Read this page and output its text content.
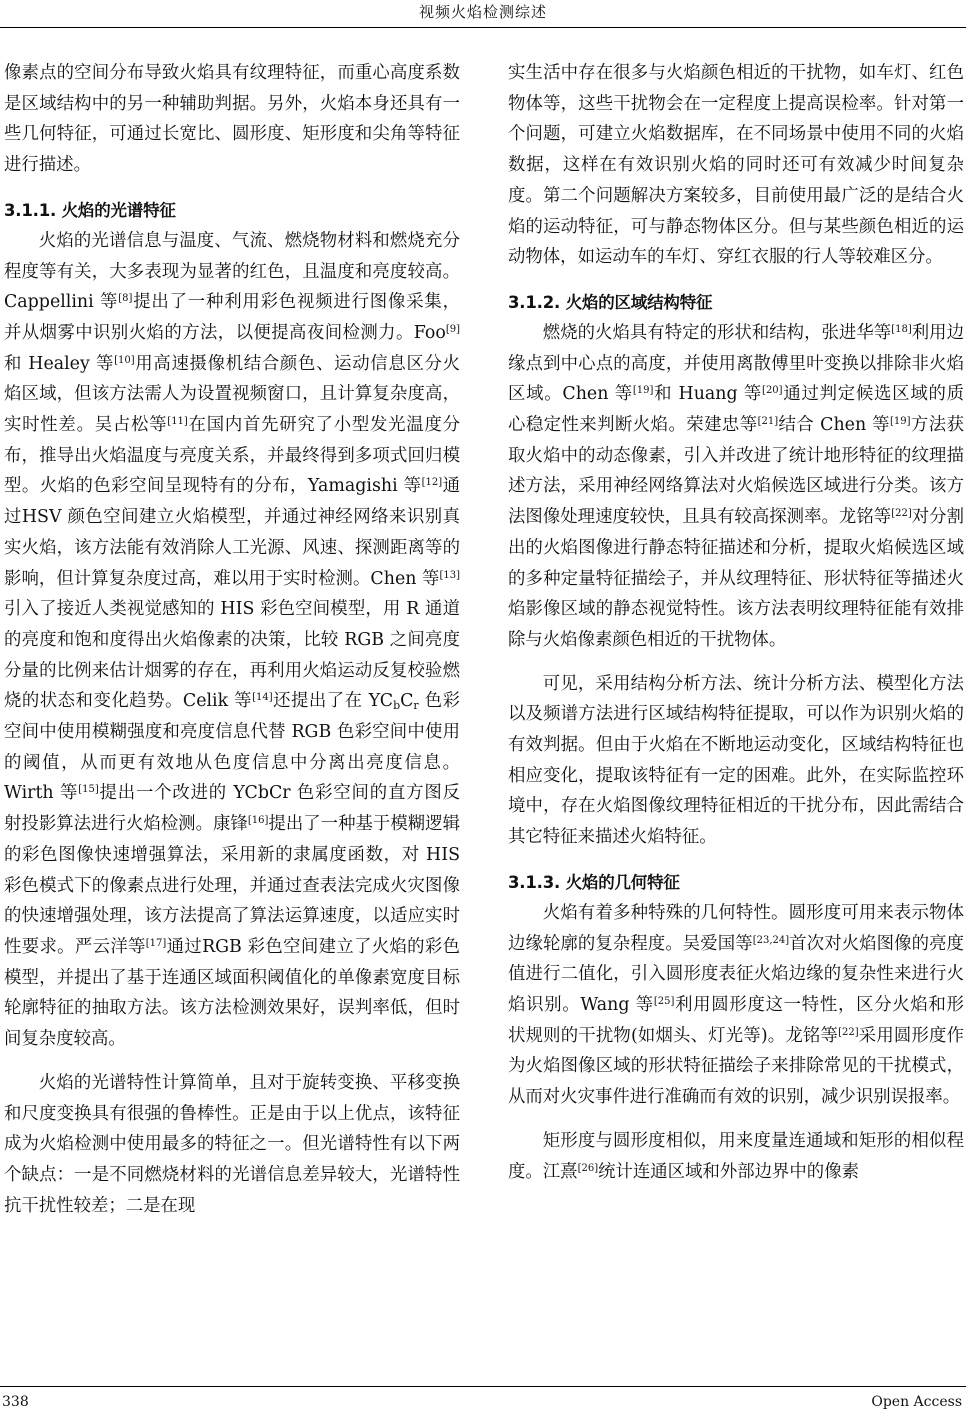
视频火焰检测综述

像素点的空间分布导致火焰具有纹理特征，而重心高度系数是区域结构中的另一种辅助判据。另外，火焰本身还具有一些几何特征，可通过长宽比、圆形度、矩形度和尖角等特征进行描述。

3.1.1. 火焰的光谱特征

火焰的光谱信息与温度、气流、燃烧物材料和燃烧充分程度等有关，大多表现为显著的红色，且温度和亮度较高。Cappellini 等[8]提出了一种利用彩色视频进行图像采集，并从烟雾中识别火焰的方法，以便提高夜间检测力。Foo[9]和 Healey 等[10]用高速摄像机结合颜色、运动信息区分火焰区域，但该方法需人为设置视频窗口，且计算复杂度高，实时性差。吴占松等[11]在国内首先研究了小型发光温度分布，推导出火焰温度与亮度关系，并最终得到多项式回归模型。火焰的色彩空间呈现特有的分布，Yamagishi 等[12]通过HSV 颜色空间建立火焰模型，并通过神经网络来识别真实火焰，该方法能有效消除人工光源、风速、探测距离等的影响，但计算复杂度过高，难以用于实时检测。Chen 等[13]引入了接近人类视觉感知的 HIS 彩色空间模型，用 R 通道的亮度和饱和度得出火焰像素的决策，比较 RGB 之间亮度分量的比例来估计烟雾的存在，再利用火焰运动反复校验燃烧的状态和变化趋势。Celik 等[14]还提出了在 $YC_bC_r$ 色彩空间中使用模糊强度和亮度信息代替 RGB 色彩空间中使用的阈值，从而更有效地从色度信息中分离出亮度信息。Wirth 等[15]提出一个改进的 YCbCr 色彩空间的直方图反射投影算法进行火焰检测。康锋[16]提出了一种基于模糊逻辑的彩色图像快速增强算法，采用新的隶属度函数，对 HIS 彩色模式下的像素点进行处理，并通过查表法完成火灾图像的快速增强处理，该方法提高了算法运算速度，以适应实时性要求。严云洋等[17]通过RGB 彩色空间建立了火焰的彩色模型，并提出了基于连通区域面积阈值化的单像素宽度目标轮廓特征的抽取方法。该方法检测效果好，误判率低，但时间复杂度较高。

火焰的光谱特性计算简单，且对于旋转变换、平移变换和尺度变换具有很强的鲁棒性。正是由于以上优点，该特征成为火焰检测中使用最多的特征之一。但光谱特性有以下两个缺点：一是不同燃烧材料的光谱信息差异较大，光谱特性抗干扰性较差；二是在现

实生活中存在很多与火焰颜色相近的干扰物，如车灯、红色物体等，这些干扰物会在一定程度上提高误检率。针对第一个问题，可建立火焰数据库，在不同场景中使用不同的火焰数据，这样在有效识别火焰的同时还可有效减少时间复杂度。第二个问题解决方案较多，目前使用最广泛的是结合火焰的运动特征，可与静态物体区分。但与某些颜色相近的运动物体，如运动车的车灯、穿红衣服的行人等较难区分。

3.1.2. 火焰的区域结构特征

燃烧的火焰具有特定的形状和结构，张进华等[18]利用边缘点到中心点的高度，并使用离散傅里叶变换以排除非火焰区域。Chen 等[19]和 Huang 等[20]通过判定候选区域的质心稳定性来判断火焰。荣建忠等[21]结合 Chen 等[19]方法获取火焰中的动态像素，引入并改进了统计地形特征的纹理描述方法，采用神经网络算法对火焰候选区域进行分类。该方法图像处理速度较快，且具有较高探测率。龙铭等[22]对分割出的火焰图像进行静态特征描述和分析，提取火焰候选区域的多种定量特征描绘子，并从纹理特征、形状特征等描述火焰影像区域的静态视觉特性。该方法表明纹理特征能有效排除与火焰像素颜色相近的干扰物体。

可见，采用结构分析方法、统计分析方法、模型化方法以及频谱方法进行区域结构特征提取，可以作为识别火焰的有效判据。但由于火焰在不断地运动变化，区域结构特征也相应变化，提取该特征有一定的困难。此外，在实际监控环境中，存在火焰图像纹理特征相近的干扰分布，因此需结合其它特征来描述火焰特征。

3.1.3. 火焰的几何特征

火焰有着多种特殊的几何特性。圆形度可用来表示物体边缘轮廓的复杂程度。吴爱国等[23,24]首次对火焰图像的亮度值进行二值化，引入圆形度表征火焰边缘的复杂性来进行火焰识别。Wang 等[25]利用圆形度这一特性，区分火焰和形状规则的干扰物(如烟头、灯光等)。龙铭等[22]采用圆形度作为火焰图像区域的形状特征描绘子来排除常见的干扰模式，从而对火灾事件进行准确而有效的识别，减少识别误报率。

矩形度与圆形度相似，用来度量连通域和矩形的相似程度。江熹[26]统计连通区域和外部边界中的像素

338	Open Access
